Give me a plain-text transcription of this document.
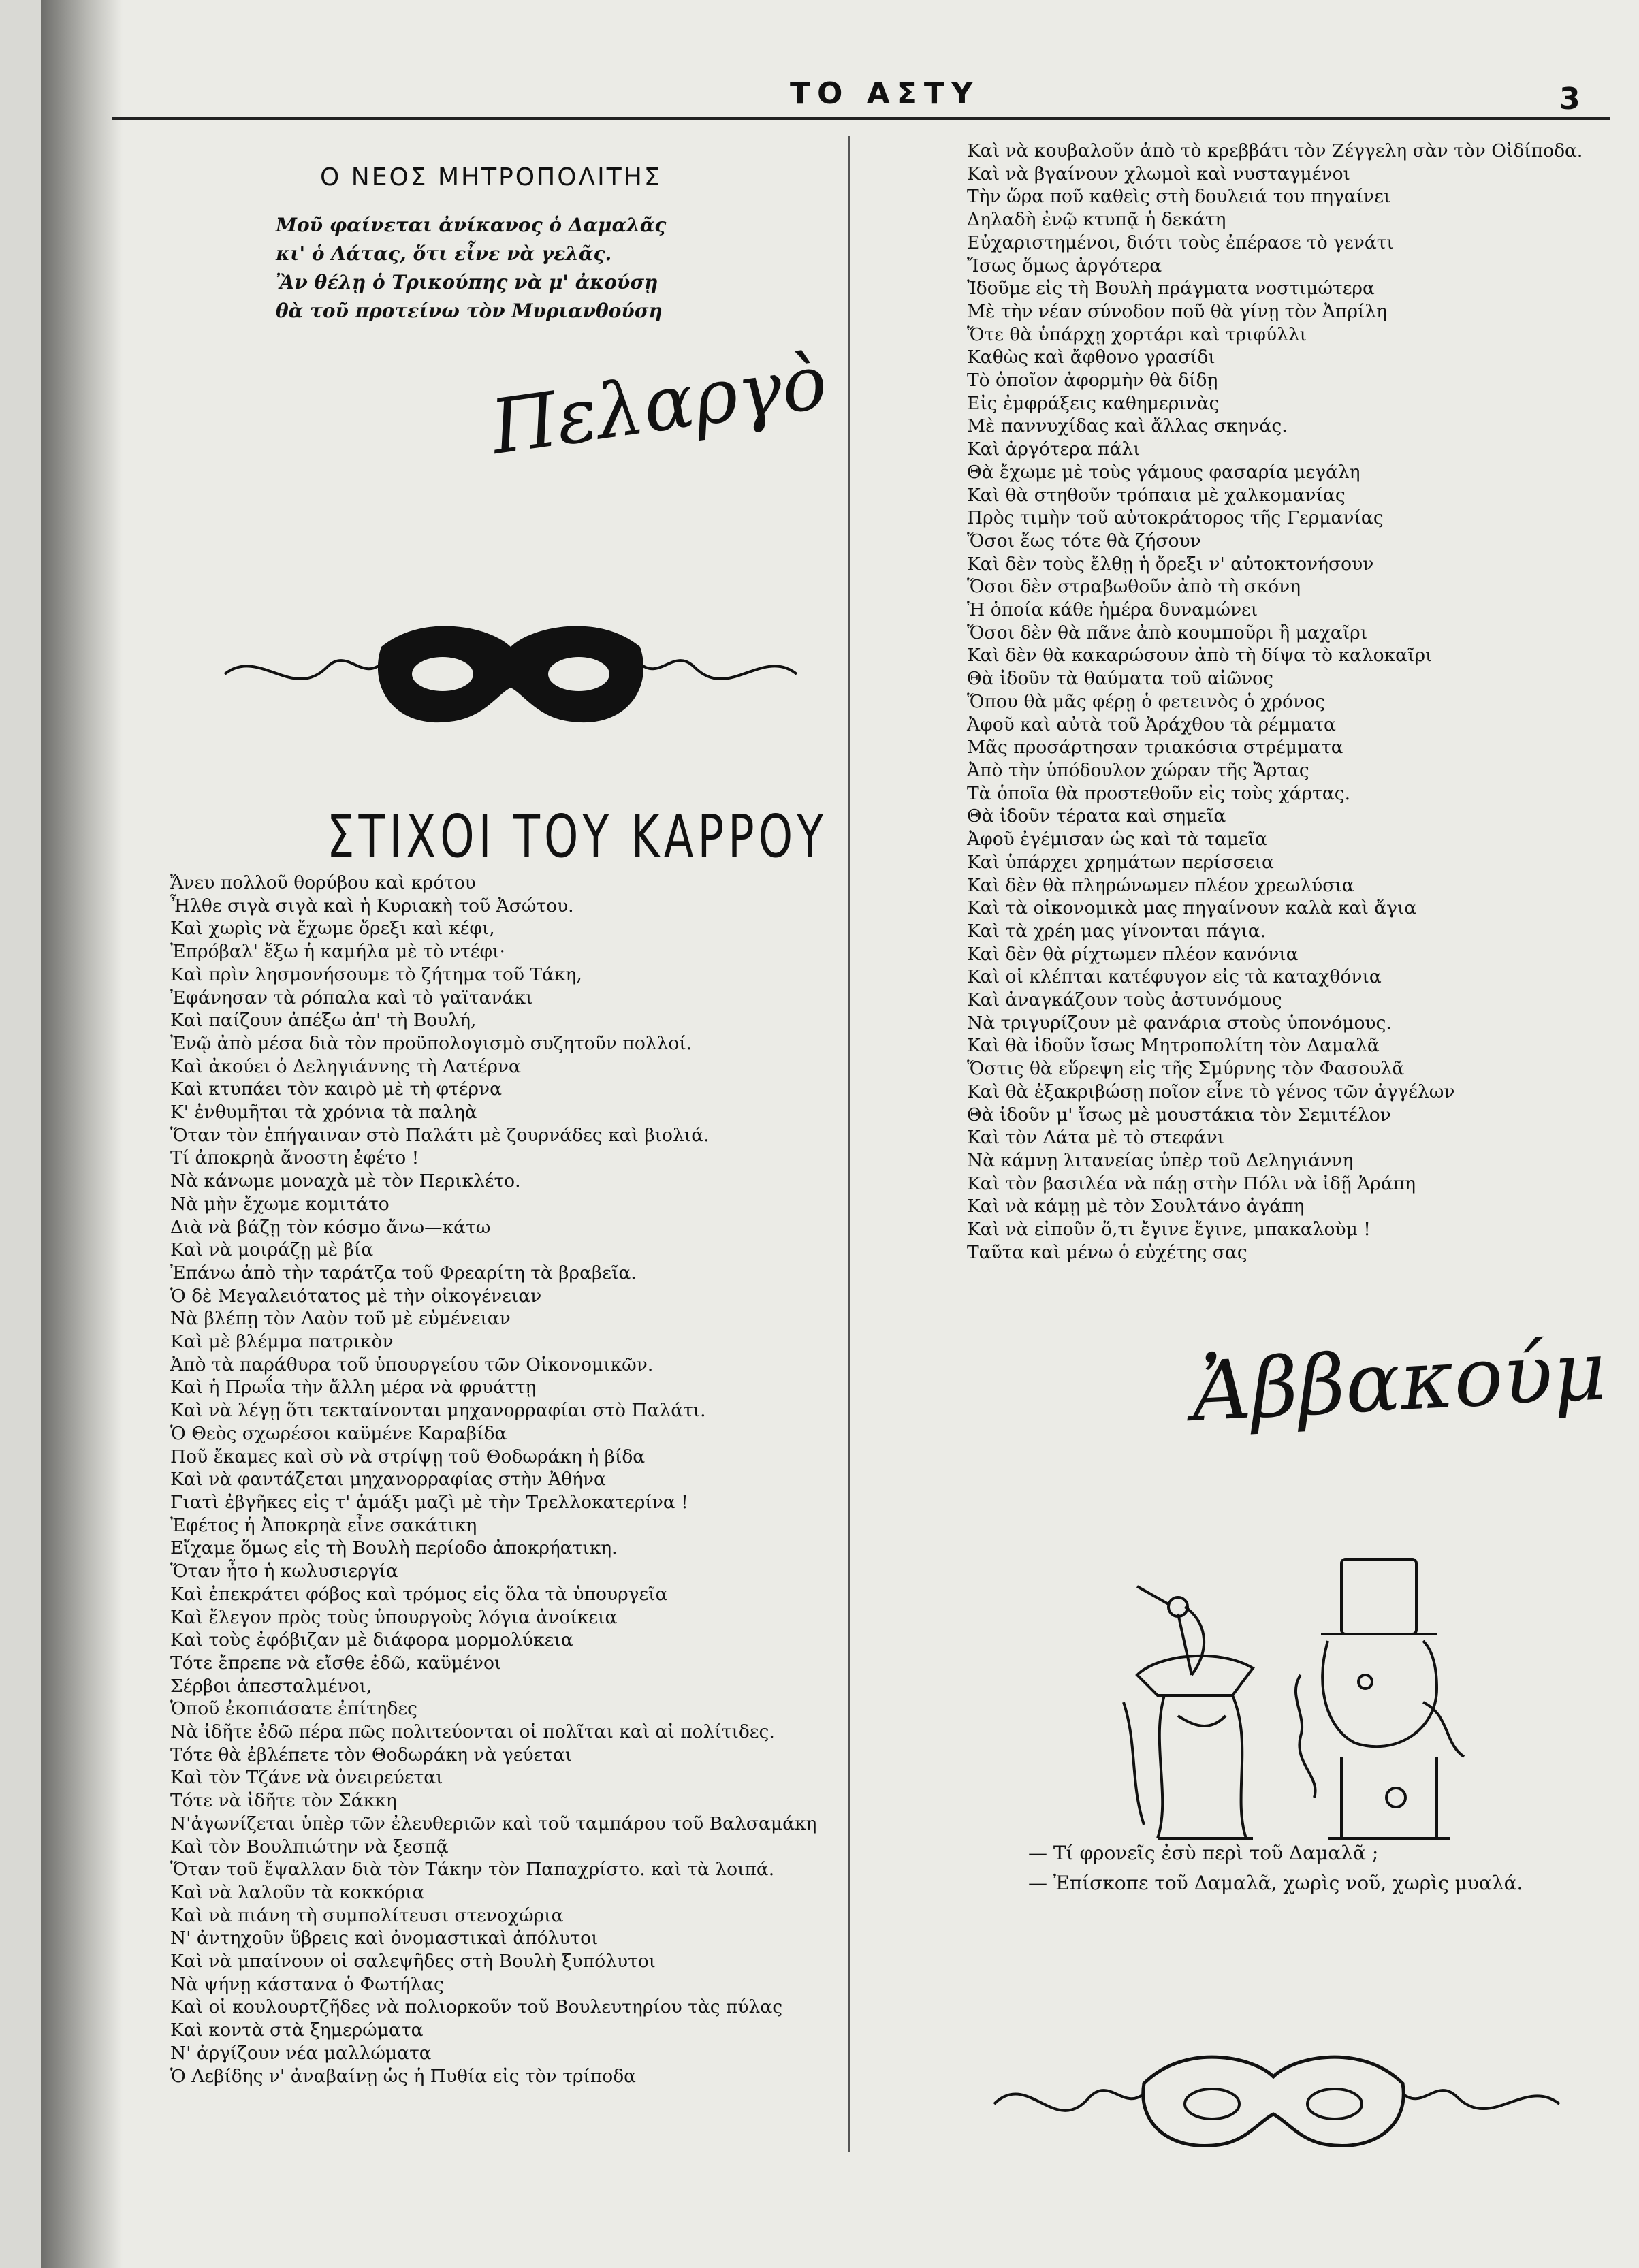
ΤΟ ΑΣΤΥ	3
Ο ΝΕΟΣ ΜΗΤΡΟΠΟΛΙΤΗΣ
Μοῦ φαίνεται ἀνίκανος ὁ Δαμαλᾶς
κι' ὁ Λάτας, ὅτι εἶνε νὰ γελᾶς.
Ἂν θέλῃ ὁ Τρικούπης νὰ μ' ἀκούσῃ
θὰ τοῦ προτείνω τὸν Μυριανθούση
Πελαργὸ
ΣΤΙΧΟΙ ΤΟΥ ΚΑΡΡΟΥ
Ἄνευ πολλοῦ θορύβου καὶ κρότου
Ἦλθε σιγὰ σιγὰ καὶ ἡ Κυριακὴ τοῦ Ἀσώτου.
Καὶ χωρὶς νὰ ἔχωμε ὄρεξι καὶ κέφι,
Ἐπρόβαλ' ἔξω ἡ καμήλα μὲ τὸ ντέφι·
Καὶ πρὶν λησμονήσουμε τὸ ζήτημα τοῦ Τάκη,
Ἐφάνησαν τὰ ρόπαλα καὶ τὸ γαϊτανάκι
Καὶ παίζουν ἀπέξω ἀπ' τὴ Βουλή,
Ἐνῷ ἀπὸ μέσα διὰ τὸν προϋπολογισμὸ συζητοῦν πολλοί.
Καὶ ἀκούει ὁ Δεληγιάννης τὴ Λατέρνα
Καὶ κτυπάει τὸν καιρὸ μὲ τὴ φτέρνα
Κ' ἐνθυμῆται τὰ χρόνια τὰ παληὰ
Ὅταν τὸν ἐπήγαιναν στὸ Παλάτι μὲ ζουρνάδες καὶ βιολιά.
Τί ἀποκρηὰ ἄνοστη ἐφέτο !
Νὰ κάνωμε μοναχὰ μὲ τὸν Περικλέτο.
Νὰ μὴν ἔχωμε κομιτάτο
Διὰ νὰ βάζῃ τὸν κόσμο ἄνω—κάτω
Καὶ νὰ μοιράζῃ μὲ βία
Ἐπάνω ἀπὸ τὴν ταράτζα τοῦ Φρεαρίτη τὰ βραβεῖα.
Ὁ δὲ Μεγαλειότατος μὲ τὴν οἰκογένειαν
Νὰ βλέπῃ τὸν Λαὸν τοῦ μὲ εὐμένειαν
Καὶ μὲ βλέμμα πατρικὸν
Ἀπὸ τὰ παράθυρα τοῦ ὑπουργείου τῶν Οἰκονομικῶν.
Καὶ ἡ Πρωΐα τὴν ἄλλη μέρα νὰ φρυάττῃ
Καὶ νὰ λέγῃ ὅτι τεκταίνονται μηχανορραφίαι στὸ Παλάτι.
Ὁ Θεὸς σχωρέσοι καϋμένε Καραβίδα
Ποῦ ἔκαμες καὶ σὺ νὰ στρίψῃ τοῦ Θοδωράκη ἡ βίδα
Καὶ νὰ φαντάζεται μηχανορραφίας στὴν Ἀθήνα
Γιατὶ ἐβγῆκες εἰς τ' ἁμάξι μαζὶ μὲ τὴν Τρελλοκατερίνα !
Ἐφέτος ἡ Ἀποκρηὰ εἶνε σακάτικη
Εἴχαμε ὅμως εἰς τὴ Βουλὴ περίοδο ἀποκρήατικη.
Ὅταν ἦτο ἡ κωλυσιεργία
Καὶ ἐπεκράτει φόβος καὶ τρόμος εἰς ὅλα τὰ ὑπουργεῖα
Καὶ ἔλεγον πρὸς τοὺς ὑπουργοὺς λόγια ἀνοίκεια
Καὶ τοὺς ἐφόβιζαν μὲ διάφορα μορμολύκεια
Τότε ἔπρεπε νὰ εἴσθε ἐδῶ, καϋμένοι
Σέρβοι ἀπεσταλμένοι,
Ὁποῦ ἐκοπιάσατε ἐπίτηδες
Νὰ ἰδῆτε ἐδῶ πέρα πῶς πολιτεύονται οἱ πολῖται καὶ αἱ πολίτιδες.
Τότε θὰ ἐβλέπετε τὸν Θοδωράκη νὰ γεύεται
Καὶ τὸν Τζάνε νὰ ὀνειρεύεται
Τότε νὰ ἰδῆτε τὸν Σάκκη
Ν'ἀγωνίζεται ὑπὲρ τῶν ἐλευθεριῶν καὶ τοῦ ταμπάρου τοῦ Βαλσαμάκη
Καὶ τὸν Βουλπιώτην νὰ ξεσπᾷ
Ὅταν τοῦ ἔψαλλαν διὰ τὸν Τάκην τὸν Παπαχρίστο. καὶ τὰ λοιπά.
Καὶ νὰ λαλοῦν τὰ κοκκόρια
Καὶ νὰ πιάνη τὴ συμπολίτευσι στενοχώρια
Ν' ἀντηχοῦν ὕβρεις καὶ ὀνομαστικαὶ ἀπόλυτοι
Καὶ νὰ μπαίνουν οἱ σαλεψῆδες στὴ Βουλὴ ξυπόλυτοι
Νὰ ψήνῃ κάστανα ὁ Φωτήλας
Καὶ οἱ κουλουρτζῆδες νὰ πολιορκοῦν τοῦ Βουλευτηρίου τὰς πύλας
Καὶ κοντὰ στὰ ξημερώματα
Ν' ἀργίζουν νέα μαλλώματα
Ὁ Λεβίδης ν' ἀναβαίνῃ ὡς ἡ Πυθία εἰς τὸν τρίποδα
Καὶ νὰ κουβαλοῦν ἀπὸ τὸ κρεββάτι τὸν Ζέγγελη σὰν τὸν Οἰδίποδα.
Καὶ νὰ βγαίνουν χλωμοὶ καὶ νυσταγμένοι
Τὴν ὥρα ποῦ καθεὶς στὴ δουλειά του πηγαίνει
Δηλαδὴ ἐνῷ κτυπᾷ ἡ δεκάτη
Εὐχαριστημένοι, διότι τοὺς ἐπέρασε τὸ γενάτι
Ἴσως ὅμως ἀργότερα
Ἰδοῦμε εἰς τὴ Βουλὴ πράγματα νοστιμώτερα
Μὲ τὴν νέαν σύνοδον ποῦ θὰ γίνῃ τὸν Ἀπρίλη
Ὅτε θὰ ὑπάρχῃ χορτάρι καὶ τριφύλλι
Καθὼς καὶ ἄφθονο γρασίδι
Τὸ ὁποῖον ἀφορμὴν θὰ δίδῃ
Εἰς ἐμφράξεις καθημερινὰς
Μὲ παννυχίδας καὶ ἄλλας σκηνάς.
Καὶ ἀργότερα πάλι
Θὰ ἔχωμε μὲ τοὺς γάμους φασαρία μεγάλη
Καὶ θὰ στηθοῦν τρόπαια μὲ χαλκομανίας
Πρὸς τιμὴν τοῦ αὐτοκράτορος τῆς Γερμανίας
Ὅσοι ἕως τότε θὰ ζήσουν
Καὶ δὲν τοὺς ἔλθῃ ἡ ὄρεξι ν' αὐτοκτονήσουν
Ὅσοι δὲν στραβωθοῦν ἀπὸ τὴ σκόνη
Ἡ ὁποία κάθε ἡμέρα δυναμώνει
Ὅσοι δὲν θὰ πᾶνε ἀπὸ κουμποῦρι ἢ μαχαῖρι
Καὶ δὲν θὰ κακαρώσουν ἀπὸ τὴ δίψα τὸ καλοκαῖρι
Θὰ ἰδοῦν τὰ θαύματα τοῦ αἰῶνος
Ὅπου θὰ μᾶς φέρῃ ὁ φετεινὸς ὁ χρόνος
Ἀφοῦ καὶ αὐτὰ τοῦ Ἀράχθου τὰ ρέμματα
Μᾶς προσάρτησαν τριακόσια στρέμματα
Ἀπὸ τὴν ὑπόδουλον χώραν τῆς Ἄρτας
Τὰ ὁποῖα θὰ προστεθοῦν εἰς τοὺς χάρτας.
Θὰ ἰδοῦν τέρατα καὶ σημεῖα
Ἀφοῦ ἐγέμισαν ὡς καὶ τὰ ταμεῖα
Καὶ ὑπάρχει χρημάτων περίσσεια
Καὶ δὲν θὰ πληρώνωμεν πλέον χρεωλύσια
Καὶ τὰ οἰκονομικὰ μας πηγαίνουν καλὰ καὶ ἅγια
Καὶ τὰ χρέη μας γίνονται πάγια.
Καὶ δὲν θὰ ρίχτωμεν πλέον κανόνια
Καὶ οἱ κλέπται κατέφυγον εἰς τὰ καταχθόνια
Καὶ ἀναγκάζουν τοὺς ἀστυνόμους
Νὰ τριγυρίζουν μὲ φανάρια στοὺς ὑπονόμους.
Καὶ θὰ ἰδοῦν ἴσως Μητροπολίτη τὸν Δαμαλᾶ
Ὅστις θὰ εὕρεψη εἰς τῆς Σμύρνης τὸν Φασουλᾶ
Καὶ θὰ ἐξακριβώσῃ ποῖον εἶνε τὸ γένος τῶν ἀγγέλων
Θὰ ἰδοῦν μ' ἴσως μὲ μουστάκια τὸν Σεμιτέλον
Καὶ τὸν Λάτα μὲ τὸ στεφάνι
Νὰ κάμνῃ λιτανείας ὑπὲρ τοῦ Δεληγιάννη
Καὶ τὸν βασιλέα νὰ πάῃ στὴν Πόλι νὰ ἰδῇ Ἀράπη
Καὶ νὰ κάμῃ μὲ τὸν Σουλτάνο ἀγάπη
Καὶ νὰ εἰποῦν ὅ,τι ἔγινε ἔγινε, μπακαλοὺμ !
Ταῦτα καὶ μένω ὁ εὐχέτης σας
Ἀββακούμ
— Τί φρονεῖς ἐσὺ περὶ τοῦ Δαμαλᾶ ;
— Ἐπίσκοπε τοῦ Δαμαλᾶ, χωρὶς νοῦ, χωρὶς μυαλά.
